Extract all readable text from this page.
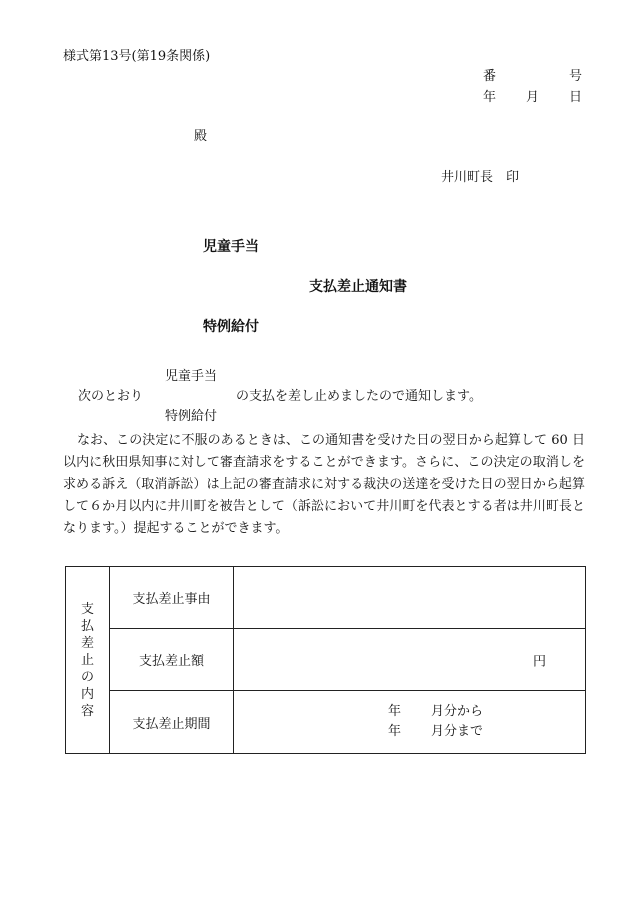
様式第13号(第19条関係)
番	号
年 月 日
殿
井川町長　印
児童手当
支払差止通知書
特例給付
児童手当
次のとおり	の支払を差し止めましたので通知します。
特例給付
なお、この決定に不服のあるときは、この通知書を受けた日の翌日から起算して 60 日以内に秋田県知事に対して審査請求をすることができます。さらに、この決定の取消しを求める訴え（取消訴訟）は上記の審査請求に対する裁決の送達を受けた日の翌日から起算して６か月以内に井川町を被告として（訴訟において井川町を代表とする者は井川町長となります。）提起することができます。
支払差止の内容	支払差止事由	
	支払差止額	円

	支払差止期間	年 月分から
年 月分まで
